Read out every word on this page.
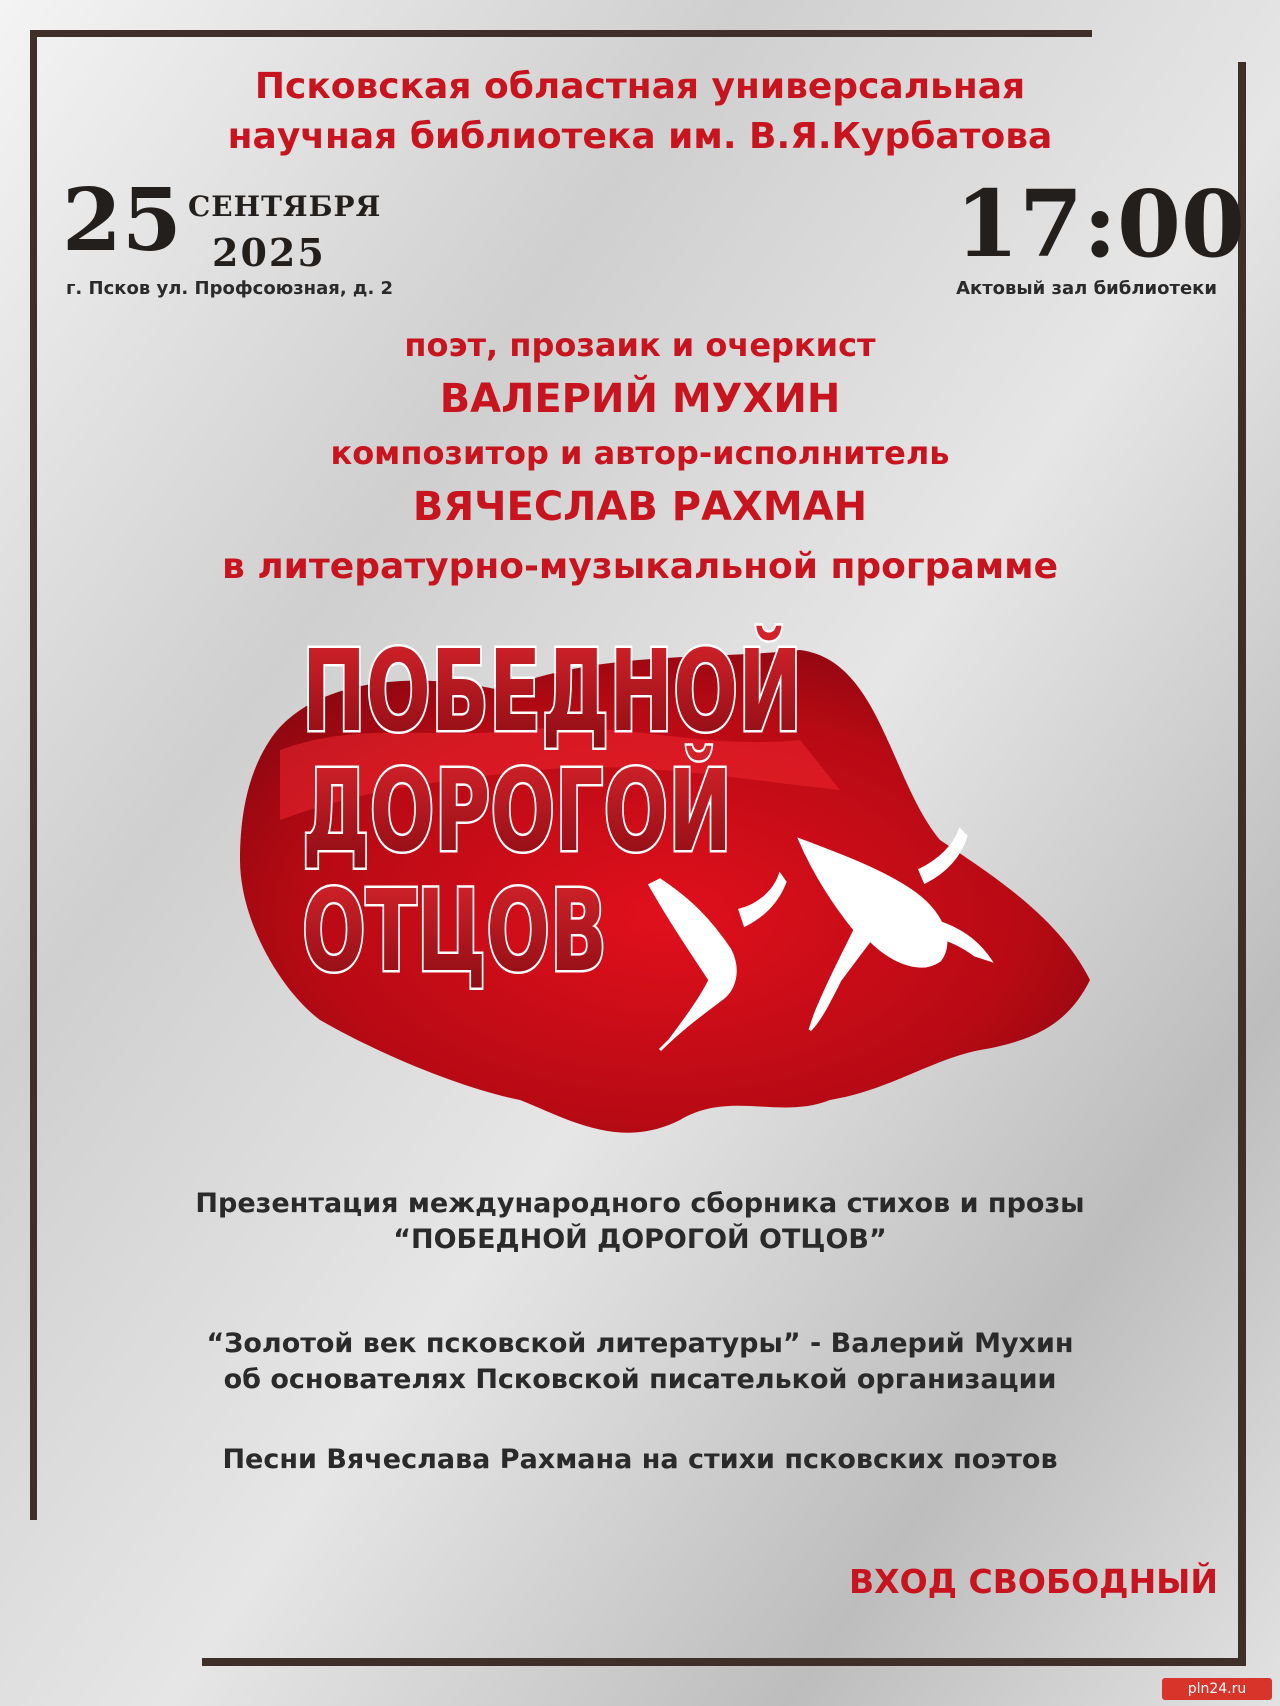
Псковская областная универсальная
научная библиотека им. В.Я.Курбатова
25 СЕНТЯБРЯ
2025
г. Псков ул. Профсоюзная, д. 2
17:00
Актовый зал библиотеки
поэт, прозаик и очеркист
ВАЛЕРИЙ МУХИН
композитор и автор-исполнитель
ВЯЧЕСЛАВ РАХМАН
в литературно-музыкальной программе
ПОБЕДНОЙ
ДОРОГОЙ
ОТЦОВ
Презентация международного сборника стихов и прозы
“ПОБЕДНОЙ ДОРОГОЙ ОТЦОВ”
“Золотой век псковской литературы” - Валерий Мухин
об основателях Псковской писателькой организации
Песни Вячеслава Рахмана на стихи псковских поэтов
ВХОД СВОБОДНЫЙ
pln24.ru
